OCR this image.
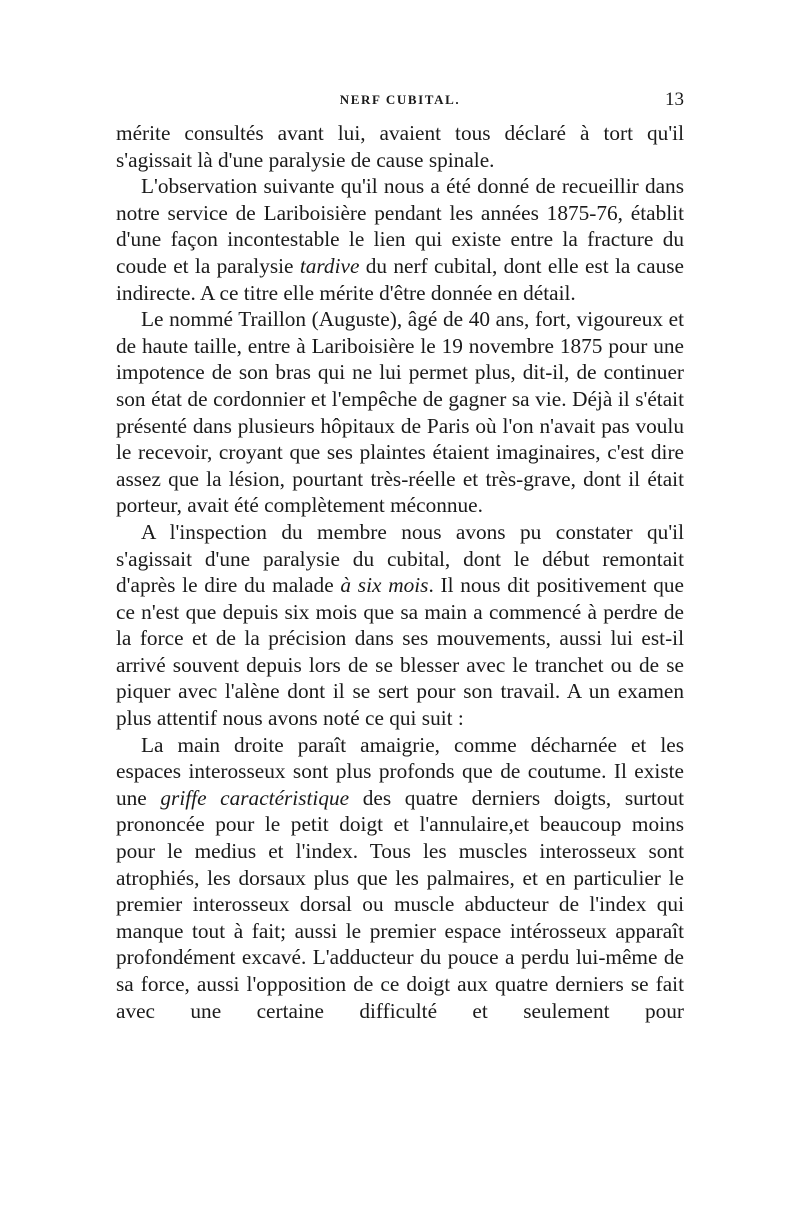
NERF CUBITAL.	13

mérite consultés avant lui, avaient tous déclaré à tort qu'il s'agissait là d'une paralysie de cause spinale.

L'observation suivante qu'il nous a été donné de recueillir dans notre service de Lariboisière pendant les années 1875-76, établit d'une façon incontestable le lien qui existe entre la fracture du coude et la paralysie tardive du nerf cubital, dont elle est la cause indirecte. A ce titre elle mérite d'être donnée en détail.

Le nommé Traillon (Auguste), âgé de 40 ans, fort, vigoureux et de haute taille, entre à Lariboisière le 19 novembre 1875 pour une impotence de son bras qui ne lui permet plus, dit-il, de continuer son état de cordonnier et l'empêche de gagner sa vie. Déjà il s'était présenté dans plusieurs hôpitaux de Paris où l'on n'avait pas voulu le recevoir, croyant que ses plaintes étaient imaginaires, c'est dire assez que la lésion, pourtant très-réelle et très-grave, dont il était porteur, avait été complètement méconnue.

A l'inspection du membre nous avons pu constater qu'il s'agissait d'une paralysie du cubital, dont le début remontait d'après le dire du malade à six mois. Il nous dit positivement que ce n'est que depuis six mois que sa main a commencé à perdre de la force et de la précision dans ses mouvements, aussi lui est-il arrivé souvent depuis lors de se blesser avec le tranchet ou de se piquer avec l'alène dont il se sert pour son travail. A un examen plus attentif nous avons noté ce qui suit :

La main droite paraît amaigrie, comme décharnée et les espaces interosseux sont plus profonds que de coutume. Il existe une griffe caractéristique des quatre derniers doigts, surtout prononcée pour le petit doigt et l'annulaire,et beaucoup moins pour le medius et l'index. Tous les muscles interosseux sont atrophiés, les dorsaux plus que les palmaires, et en particulier le premier interosseux dorsal ou muscle abducteur de l'index qui manque tout à fait; aussi le premier espace intérosseux apparaît profondément excavé. L'adducteur du pouce a perdu lui-même de sa force, aussi l'opposition de ce doigt aux quatre derniers se fait avec une certaine difficulté et seulement pour
